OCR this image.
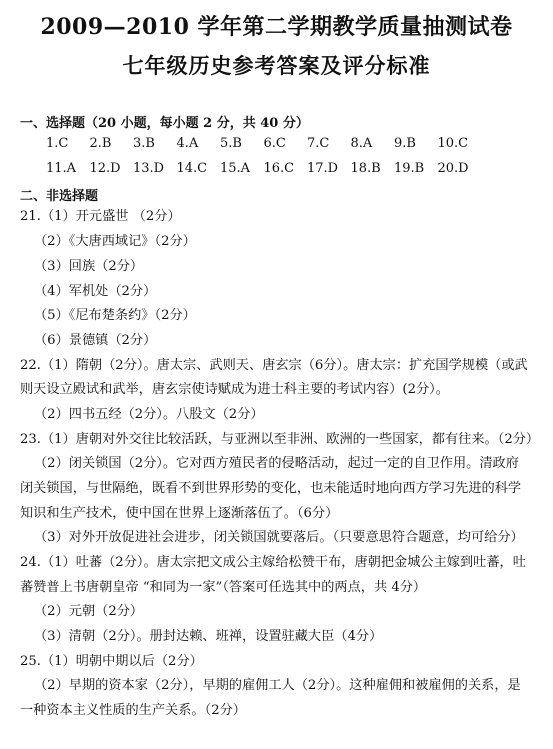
2009—2010 学年第二学期教学质量抽测试卷
七年级历史参考答案及评分标准
一、选择题（20 小题，每小题 2 分，共 40 分）
1.C	2.B	3.B	4.A	5.B	6.C	7.C	8.A	9.B	10.C
11.A	12.D 13.D 14.C 15.A	16.C 17.D 18.B	19.B	20.D
二、非选择题
21.（1）开元盛世 （2分）
（2）《大唐西域记》（2分）
（3）回族（2分）
（4）军机处（2分）
（5）《尼布楚条约》（2分）
（6）景德镇（2分）
22.（1）隋朝（2分）。唐太宗、武则天、唐玄宗（6分）。唐太宗：扩充国学规模（或武
则天设立殿试和武举，唐玄宗使诗赋成为进士科主要的考试内容）(2分）。
（2）四书五经（2分）。八股文（2分）
23.（1）唐朝对外交往比较活跃，与亚洲以至非洲、欧洲的一些国家，都有往来。（2分）
（2）闭关锁国（2分）。它对西方殖民者的侵略活动，起过一定的自卫作用。清政府
闭关锁国，与世隔绝，既看不到世界形势的变化，也未能适时地向西方学习先进的科学
知识和生产技术，使中国在世界上逐渐落伍了。（6分）
（3）对外开放促进社会进步，闭关锁国就要落后。（只要意思符合题意，均可给分）
24.（1）吐蕃（2分）。唐太宗把文成公主嫁给松赞干布，唐朝把金城公主嫁到吐蕃，吐
蕃赞普上书唐朝皇帝 “和同为一家”（答案可任选其中的两点，共 4分）
（2）元朝（2分）
（3）清朝（2分）。册封达赖、班禅，设置驻藏大臣（4分）
25.（1）明朝中期以后（2分）
（2）早期的资本家（2分），早期的雇佣工人（2分）。这种雇佣和被雇佣的关系，是
一种资本主义性质的生产关系。（2分）
